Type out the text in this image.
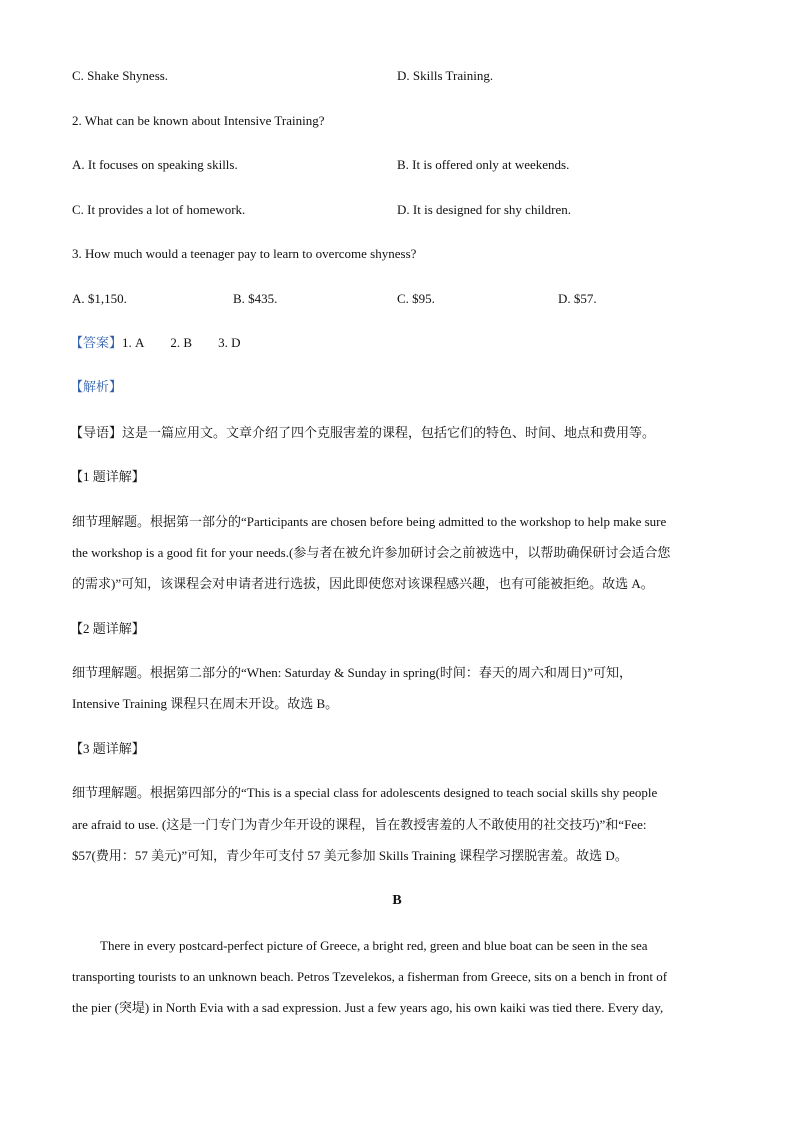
C. Shake Shyness.	D. Skills Training.
2. What can be known about Intensive Training?
A. It focuses on speaking skills.	B. It is offered only at weekends.
C. It provides a lot of homework.	D. It is designed for shy children.
3. How much would a teenager pay to learn to overcome shyness?
A. $1,150.	B. $435.	C. $95.	D. $57.
【答案】1. A 2. B 3. D
【解析】
【导语】这是一篇应用文。文章介绍了四个克服害羞的课程，包括它们的特色、时间、地点和费用等。
【1 题详解】
细节理解题。根据第一部分的“Participants are chosen before being admitted to the workshop to help make sure
the workshop is a good fit for your needs.(参与者在被允许参加研讨会之前被选中，以帮助确保研讨会适合您
的需求)”可知，该课程会对申请者进行选拔，因此即使您对该课程感兴趣，也有可能被拒绝。故选 A。
【2 题详解】
细节理解题。根据第二部分的“When: Saturday & Sunday in spring(时间：春天的周六和周日)”可知，
Intensive Training 课程只在周末开设。故选 B。
【3 题详解】
细节理解题。根据第四部分的“This is a special class for adolescents designed to teach social skills shy people
are afraid to use. (这是一门专门为青少年开设的课程，旨在教授害羞的人不敢使用的社交技巧)”和“Fee:
$57(费用：57 美元)”可知，青少年可支付 57 美元参加 Skills Training 课程学习摆脱害羞。故选 D。
B
There in every postcard-perfect picture of Greece, a bright red, green and blue boat can be seen in the sea
transporting tourists to an unknown beach. Petros Tzevelekos, a fisherman from Greece, sits on a bench in front of
the pier (突堤) in North Evia with a sad expression. Just a few years ago, his own kaiki was tied there. Every day,
